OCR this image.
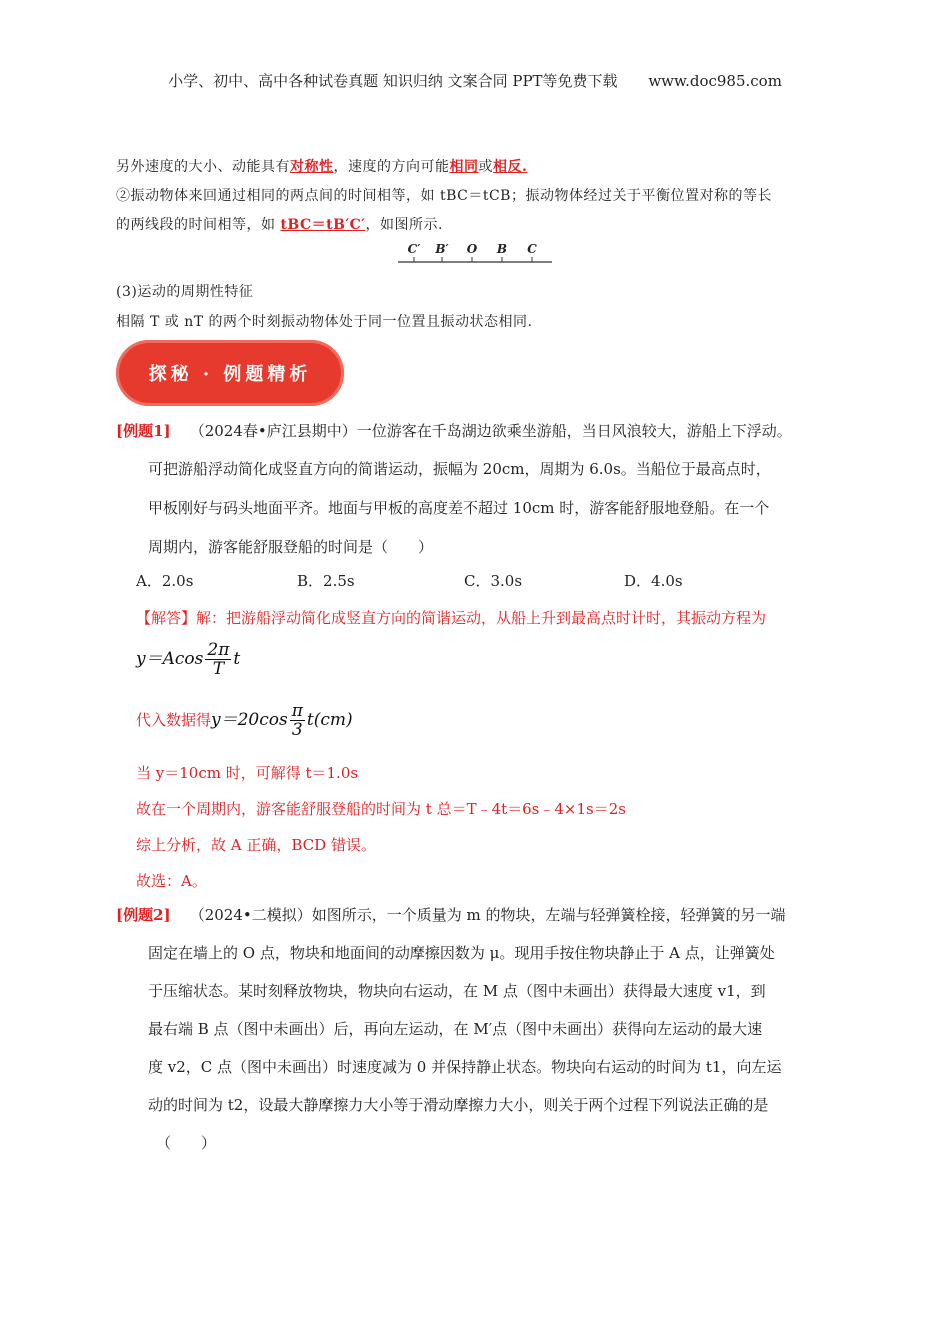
小学、初中、高中各种试卷真题 知识归纳 文案合同 PPT等免费下载 www.doc985.com
另外速度的大小、动能具有对称性，速度的方向可能相同或相反.
②振动物体来回通过相同的两点间的时间相等，如 tBC＝tCB；振动物体经过关于平衡位置对称的等长
的两线段的时间相等，如 tBC＝tB′C′，如图所示.
C′ B′ O B C
(3)运动的周期性特征
相隔 T 或 nT 的两个时刻振动物体处于同一位置且振动状态相同.
探秘 · 例题精析
[例题1] （2024春•庐江县期中）一位游客在千岛湖边欲乘坐游船，当日风浪较大，游船上下浮动。
可把游船浮动简化成竖直方向的简谐运动，振幅为 20cm，周期为 6.0s。当船位于最高点时，
甲板刚好与码头地面平齐。地面与甲板的高度差不超过 10cm 时，游客能舒服地登船。在一个
周期内，游客能舒服登船的时间是（　　）
A．2.0s	B．2.5s	C．3.0s	D．4.0s
【解答】解：把游船浮动简化成竖直方向的简谐运动，从船上升到最高点时计时，其振动方程为
$y=Acos \frac{2\pi}{T}$ t
代入数据得$y=20\cos \frac{\pi}{3} t(cm)$
当 y＝10cm 时，可解得 t＝1.0s
故在一个周期内，游客能舒服登船的时间为 t 总＝T﹣4t＝6s﹣4×1s＝2s
综上分析，故 A 正确，BCD 错误。
故选：A。
[例题2] （2024•二模拟）如图所示，一个质量为 m 的物块，左端与轻弹簧栓接，轻弹簧的另一端
固定在墙上的 O 点，物块和地面间的动摩擦因数为 μ。现用手按住物块静止于 A 点，让弹簧处
于压缩状态。某时刻释放物块，物块向右运动，在 M 点（图中未画出）获得最大速度 v1，到
最右端 B 点（图中未画出）后，再向左运动，在 M′点（图中未画出）获得向左运动的最大速
度 v2，C 点（图中未画出）时速度减为 0 并保持静止状态。物块向右运动的时间为 t1，向左运
动的时间为 t2，设最大静摩擦力大小等于滑动摩擦力大小，则关于两个过程下列说法正确的是
（　　）
